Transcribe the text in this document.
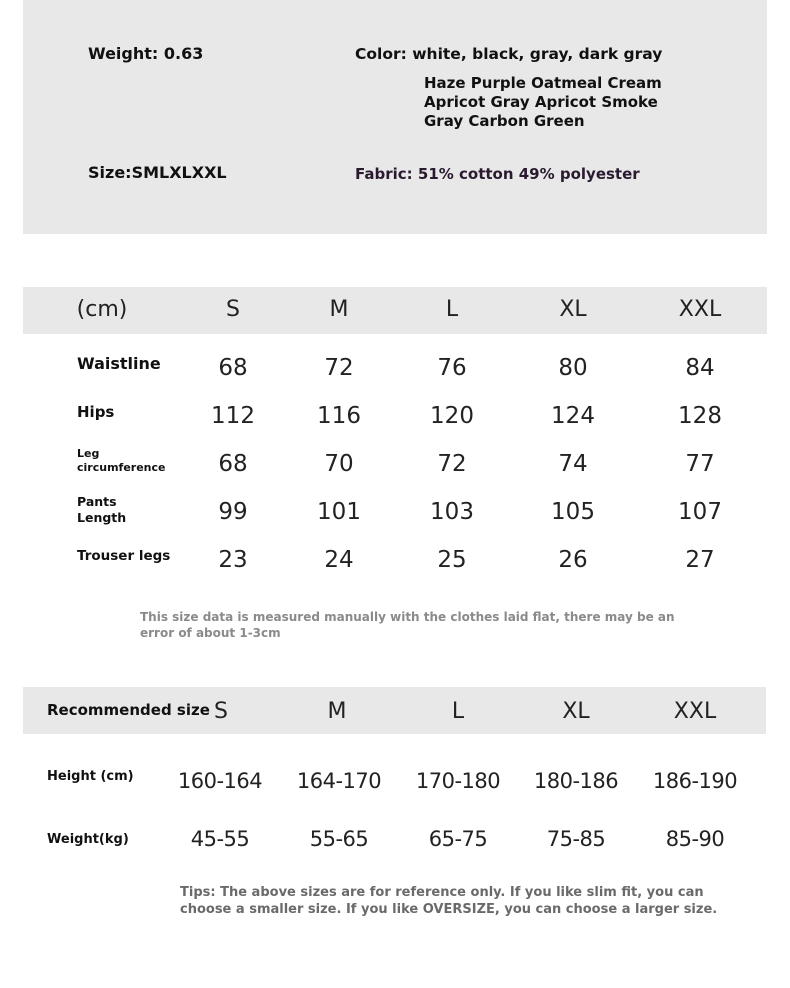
Weight: 0.63	Color: white, black, gray, dark gray
Haze Purple Oatmeal Cream
Apricot Gray Apricot Smoke
Gray Carbon Green
Size:SMLXLXXL	Fabric: 51% cotton 49% polyester
(cm)	S	M	L	XL	XXL
Waistline	68	72	76	80	84
Hips	112	116	120	124	128
Leg
circumference	68	70	72	74	77
Pants
Length	99	101	103	105	107
Trouser legs	23	24	25	26	27
This size data is measured manually with the clothes laid flat, there may be an
error of about 1-3cm
Recommended size S	M	L	XL	XXL
Height (cm)	160-164	164-170	170-180	180-186	186-190
Weight(kg)	45-55	55-65	65-75	75-85	85-90
Tips: The above sizes are for reference only. If you like slim fit, you can
choose a smaller size. If you like OVERSIZE, you can choose a larger size.
